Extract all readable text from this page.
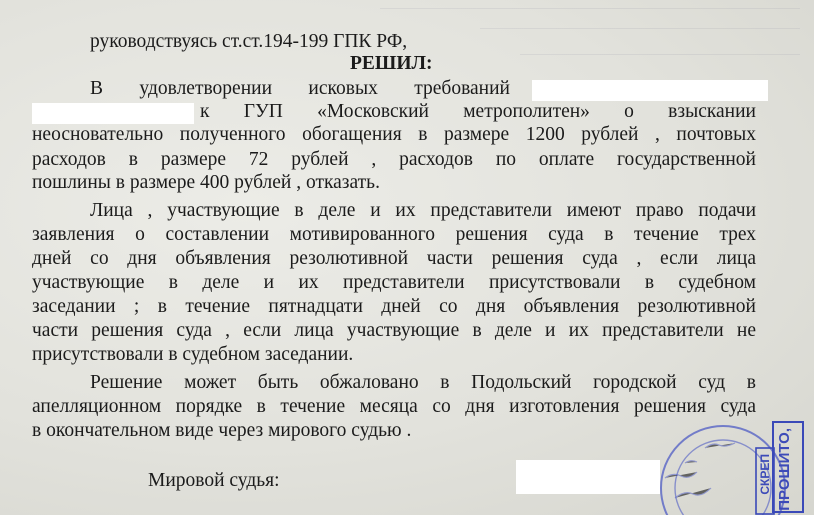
руководствуясь ст.ст.194-199 ГПК РФ,
РЕШИЛ:
В удовлетворении исковых требований
к ГУП «Московский метрополитен» о взыскании
неосновательно полученного обогащения в размере 1200 рублей , почтовых
расходов в размере 72 рублей , расходов по оплате государственной
пошлины в размере 400 рублей , отказать.
Лица , участвующие в деле и их представители имеют право подачи
заявления о составлении мотивированного решения суда в течение трех
дней со дня объявления резолютивной части решения суда , если лица
участвующие в деле и их представители присутствовали в судебном
заседании ; в течение пятнадцати дней со дня объявления резолютивной
части решения суда , если лица участвующие в деле и их представители не
присутствовали в судебном заседании.
Решение может быть обжаловано в Подольский городской суд в
апелляционном порядке в течение месяца со дня изготовления решения суда
в окончательном виде через мирового судью .
Мировой судья:	ПРОШИТО,
СКРЕП
